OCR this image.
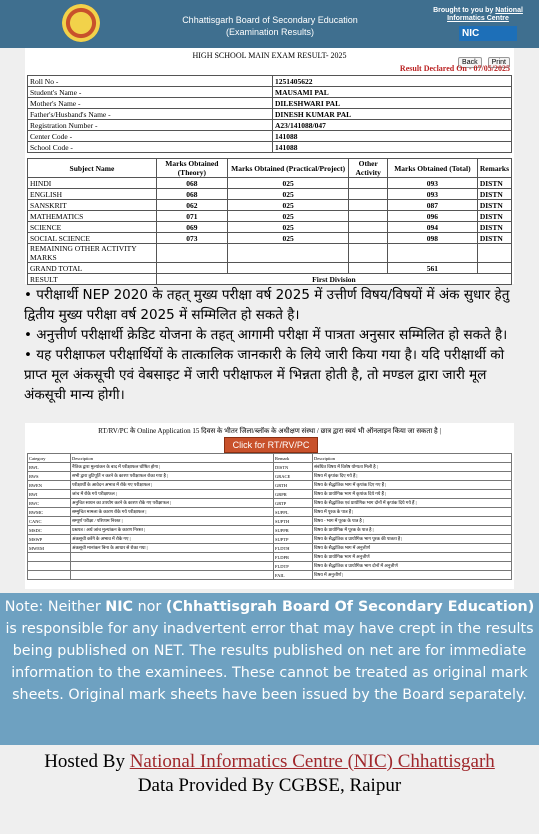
Chhattisgarh Board of Secondary Education
(Examination Results)
Brought to you by National Informatics Centre
NIC
HIGH SCHOOL MAIN EXAM RESULT- 2025
Back Print
Result Declared On - 07/05/2025
Roll No -	1251405622
Student's Name -	MAUSAMI PAL
Mother's Name -	DILESHWARI PAL
Father's/Husband's Name -	DINESH KUMAR PAL
Registration Number -	A23/141088/047
Center Code -	141088
School Code -	141088
Subject Name	Marks Obtained (Theory)	Marks Obtained (Practical/Project)	Other Activity	Marks Obtained (Total)	Remarks
HINDI	068	025		093	DISTN
ENGLISH	068	025		093	DISTN
SANSKRIT	062	025		087	DISTN
MATHEMATICS	071	025		096	DISTN
SCIENCE	069	025		094	DISTN
SOCIAL SCIENCE	073	025		098	DISTN
REMAINING OTHER ACTIVITY MARKS					
GRAND TOTAL				561	
RESULT	First Division				

• परीक्षार्थी NEP 2020 के तहत् मुख्य परीक्षा वर्ष 2025 में उत्तीर्ण विषय/विषयों में अंक सुधार हेतु द्वितीय मुख्य परीक्षा वर्ष 2025 में सम्मिलित हो सकते है।

• अनुत्तीर्ण परीक्षार्थी क्रेडिट योजना के तहत् आगामी परीक्षा में पात्रता अनुसार सम्मिलित हो सकते है।

• यह परीक्षाफल परीक्षार्थियों के तात्कालिक जानकारी के लिये जारी किया गया है। यदि परीक्षार्थी को प्राप्त मूल अंकसूची एवं वेबसाइट में जारी परीक्षाफल में भिन्नता होती है, तो मण्डल द्वारा जारी मूल अंकसूची मान्य होगी।

RT/RV/PC के Online Application 15 दिवस के भीतर जिला/ब्लॉक के अधीक्षण संस्था / छात्र द्वारा स्वयं भी ऑनलाइन किया जा सकता है |
Click for RT/RV/PC
Category	Description	Remark	Description
RWL	नैतिक द्वारा मुल्यांकन के बाद में परीक्षाफल घोषित होगा |	DISTN	संबंधित विषय में विशेष योग्यता मिली है |
RWS	सभी द्वारा त्रुटिपूर्ति न करने के कारण परीक्षाफल रोका गया है |	GRACE	विषय में कृपांक दिए गये हैं |
RWEN	परीक्षार्थी के आवेदन अभाव में रोके गए परीक्षाफल |	GRTH	विषय के सैद्धांतिक भाग में कृपांक दिए गए हैं |
RWI	जांच में रोके गये परीक्षाफल |	GRPR	विषय के प्रायोगिक भाग में कृपांक दिये गये हैं |
RWC	अनुचित साधन का उपयोग करने के कारण रोके गए परीक्षाफल |	GRTP	विषय के सैद्धांतिक एवं प्रायोगिक भाग दोनों में कृपांक दिये गये हैं |
RWMC	सम्मुचित मामला के कारण रोके गये परीक्षाफल |	SUPPL	विषय में पूरक के पात्र हैं |
CANC	सम्पूर्ण परीक्षा / परिणाम निरस्त |	SUPTH	विषय - भाग में पूरक के पात्र है |
MSDC	प्रश्नपत्र / अर्ध जांच मुल्यांकन के कारण निरस्त |	SUPPR	विषय के प्रायोगिक में पूरक के पात्र है |
MSWP	अंकसूची करेंगे के अभाव में रोके गए |	SUPTP	विषय के सैद्धांतिक व प्रायोगिक भाग पूरक की पात्रता है |
MWEM	अंकसूची मानांकन बिना के आधार से रोका गया |	FLDTH	विषय के सैद्धांतिक भाग में अनुत्तीर्ण
		FLDPR	विषय के प्रायोगिक भाग में अनुत्तीर्ण
		FLDTP	विषय के सैद्धांतिक व प्रायोगिक भाग दोनों में अनुत्तीर्ण
		FAIL	विषय में अनुत्तीर्ण |
Note: Neither NIC nor (Chhattisgrah Board Of Secondary Education) is responsible for any inadvertent error that may have crept in the results being published on NET. The results published on net are for immediate information to the examinees. These cannot be treated as original mark sheets. Original mark sheets have been issued by the Board separately.
Hosted By National Informatics Centre (NIC) Chhattisgarh
Data Provided By CGBSE, Raipur
